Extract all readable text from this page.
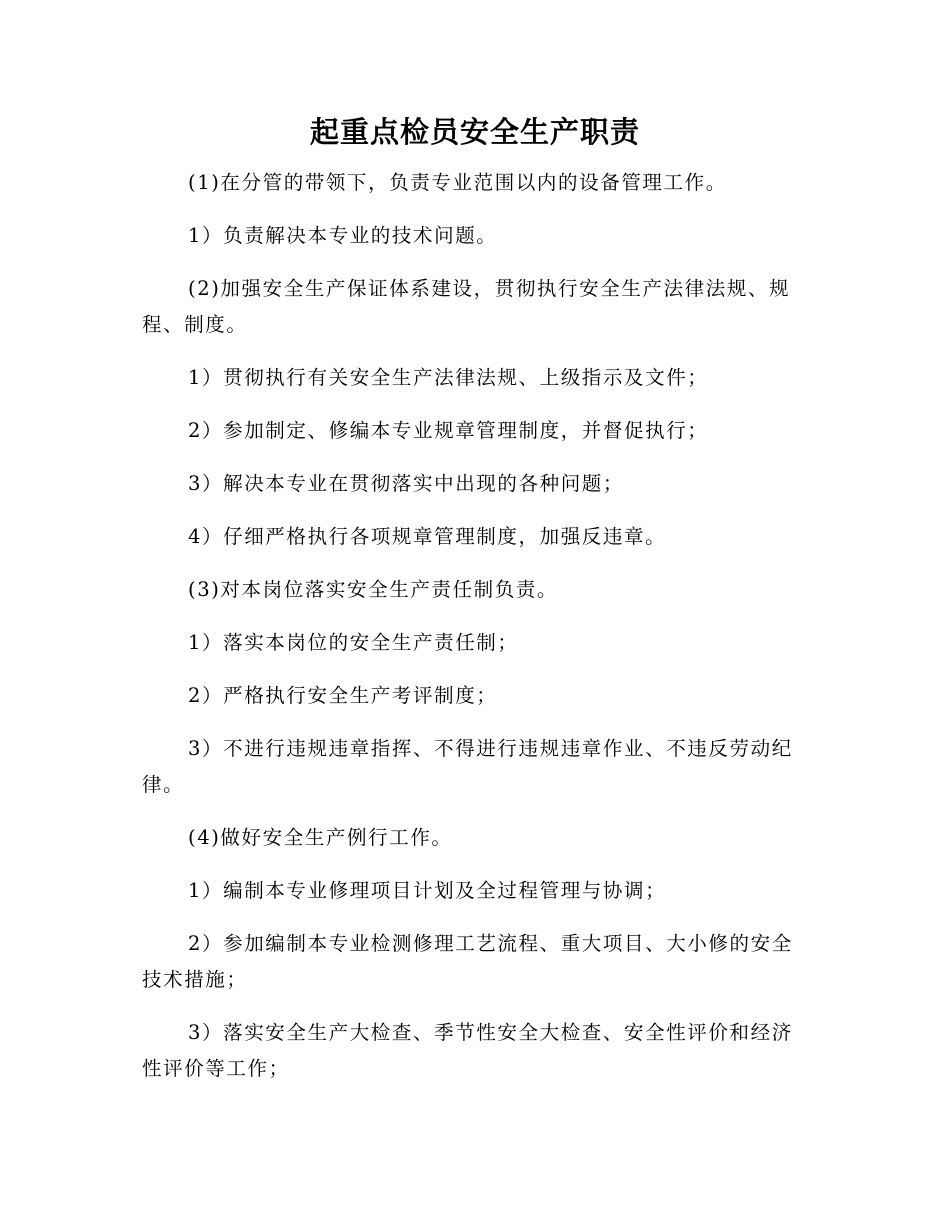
起重点检员安全生产职责

(1)在分管的带领下，负责专业范围以内的设备管理工作。

1）负责解决本专业的技术问题。

(2)加强安全生产保证体系建设，贯彻执行安全生产法律法规、规程、制度。

1）贯彻执行有关安全生产法律法规、上级指示及文件；

2）参加制定、修编本专业规章管理制度，并督促执行；

3）解决本专业在贯彻落实中出现的各种问题；

4）仔细严格执行各项规章管理制度，加强反违章。

(3)对本岗位落实安全生产责任制负责。

1）落实本岗位的安全生产责任制；

2）严格执行安全生产考评制度；

3）不进行违规违章指挥、不得进行违规违章作业、不违反劳动纪律。

(4)做好安全生产例行工作。

1）编制本专业修理项目计划及全过程管理与协调；

2）参加编制本专业检测修理工艺流程、重大项目、大小修的安全技术措施；

3）落实安全生产大检查、季节性安全大检查、安全性评价和经济性评价等工作；
